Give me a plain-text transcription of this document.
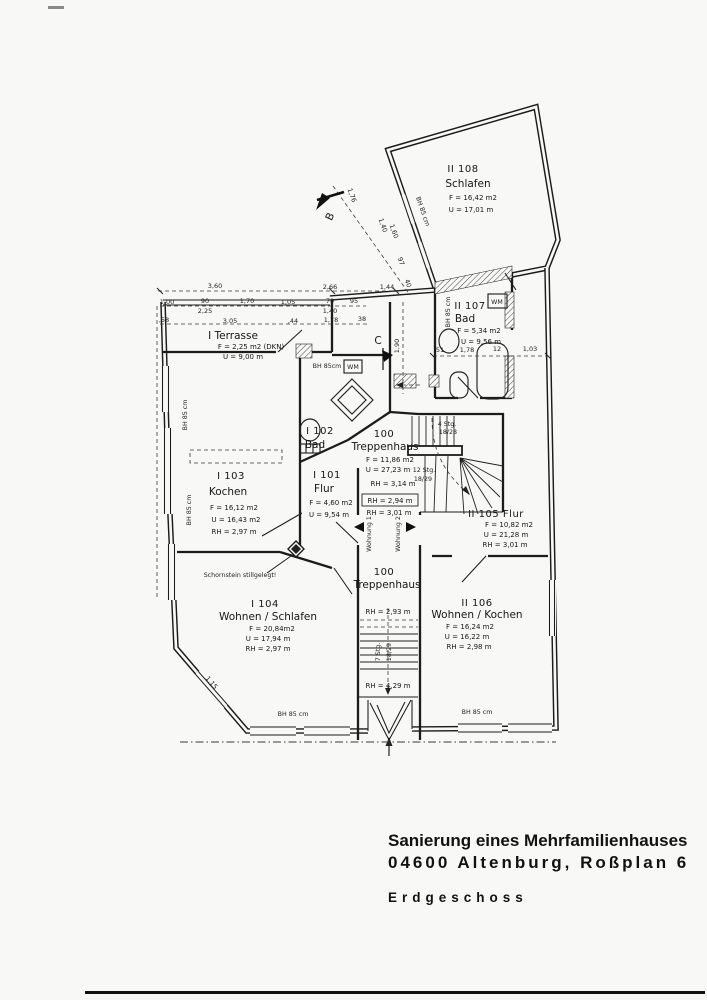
II 108
Schlafen
F = 16,42 m2
U = 17,01 m
II 107
Bad
F = 5,34 m2
U = 9,56 m
I Terrasse
F = 2,25 m2 (DKN)
U = 9,00 m
I 102
Bad
I 103
Kochen
F = 16,12 m2
U = 16,43 m2
RH = 2,97 m
I 101
Flur
F = 4,60 m2
U = 9,54 m
100
Treppenhaus
F = 11,86 m2
U = 27,23 m
RH = 3,14 m
RH = 2,94 m
RH = 3,01 m	II 105 Flur
F = 10,82 m2
U = 21,28 m
RH = 3,01 m
I 104
Wohnen / Schlafen
F = 20,84m2
U = 17,94 m
RH = 2,97 m
II 106
Wohnen / Kochen
F = 16,24 m2
U = 16,22 m
RH = 2,98 m
100
Treppenhaus
RH = 2,93 m
RH = 4,29 m
4 Stg.
18/28
12 Stg.
18/29
7 Stg. 18/29
Schornstein stillgelegt!
BH 85 cm
BH 85 cm
BH 85cm
BH 85 cm
BH 85 cm
BH 85 cm	BH 85 cm
WM
WM
Wohnung 1	Wohnung 2
B
C
3,60	2,66	1,44
1,00	90	1,70	1,05	70 95
2,25	1,40
,58	3,05	,44	1,78	38
51 1,78	12	1,03
1,90
1,76
1,40
1,60
97
40
1,15
Sanierung eines Mehrfamilienhauses
04600 Altenburg, Roßplan 6
Erdgeschoss
